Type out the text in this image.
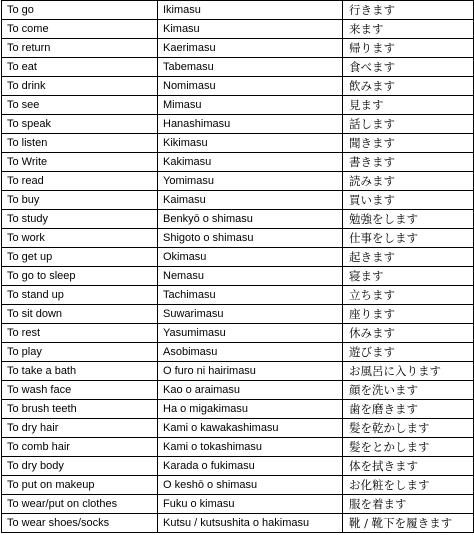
To go	Ikimasu	行きます
To come	Kimasu	来ます
To return	Kaerimasu	帰ります
To eat	Tabemasu	食べます
To drink	Nomimasu	飲みます
To see	Mimasu	見ます
To speak	Hanashimasu	話します
To listen	Kikimasu	聞きます
To Write	Kakimasu	書きます
To read	Yomimasu	読みます
To buy	Kaimasu	買います
To study	Benkyō o shimasu	勉強をします
To work	Shigoto o shimasu	仕事をします
To get up	Okimasu	起きます
To go to sleep	Nemasu	寝ます
To stand up	Tachimasu	立ちます
To sit down	Suwarimasu	座ります
To rest	Yasumimasu	休みます
To play	Asobimasu	遊びます
To take a bath	O furo ni hairimasu	お風呂に入ります
To wash face	Kao o araimasu	顔を洗います
To brush teeth	Ha o migakimasu	歯を磨きます
To dry hair	Kami o kawakashimasu	髪を乾かします
To comb hair	Kami o tokashimasu	髪をとかします
To dry body	Karada o fukimasu	体を拭きます
To put on makeup	O keshō o shimasu	お化粧をします
To wear/put on clothes	Fuku o kimasu	服を着ます
To wear shoes/socks	Kutsu / kutsushita o hakimasu	靴 / 靴下を履きます
